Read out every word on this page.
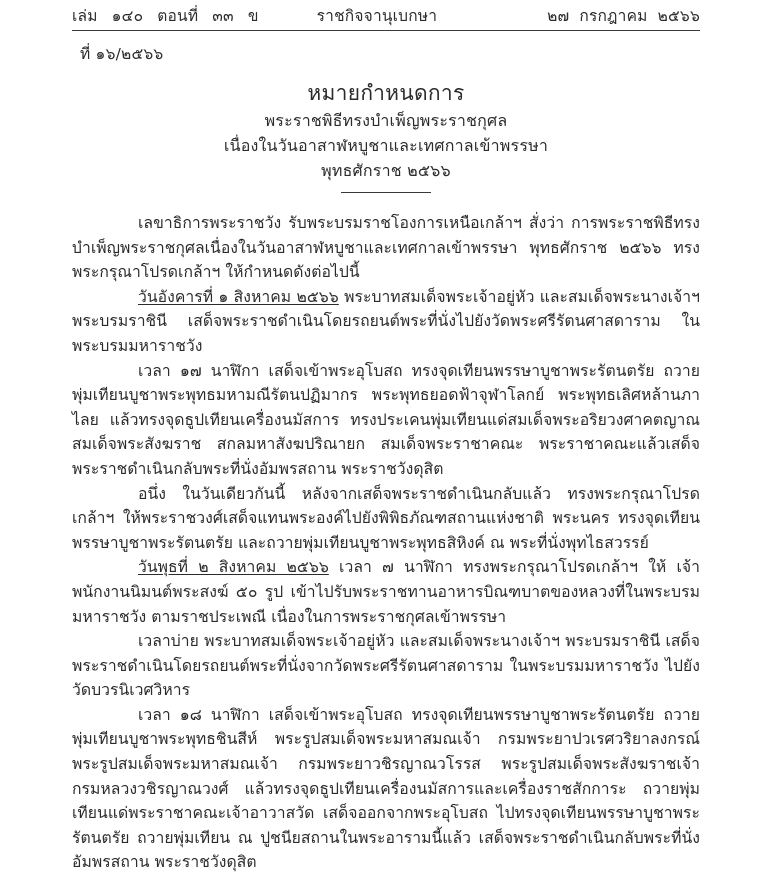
เล่ม ๑๔๐ ตอนที่ ๓๓ ข	ราชกิจจานุเบกษา	๒๗ กรกฎาคม ๒๕๖๖
ที่ ๑๖/๒๕๖๖
หมายกำหนดการ
พระราชพิธีทรงบำเพ็ญพระราชกุศล
เนื่องในวันอาสาฬหบูชาและเทศกาลเข้าพรรษา
พุทธศักราช ๒๕๖๖

เลขาธิการพระราชวัง รับพระบรมราชโองการเหนือเกล้าฯ สั่งว่า การพระราชพิธีทรงบำเพ็ญพระราชกุศลเนื่องในวันอาสาฬหบูชาและเทศกาลเข้าพรรษา พุทธศักราช ๒๕๖๖ ทรงพระกรุณาโปรดเกล้าฯ ให้กำหนดดังต่อไปนี้

วันอังคารที่ ๑ สิงหาคม ๒๕๖๖ พระบาทสมเด็จพระเจ้าอยู่หัว และสมเด็จพระนางเจ้าฯ พระบรมราชินี เสด็จพระราชดำเนินโดยรถยนต์พระที่นั่งไปยังวัดพระศรีรัตนศาสดาราม ในพระบรมมหาราชวัง

เวลา ๑๗ นาฬิกา เสด็จเข้าพระอุโบสถ ทรงจุดเทียนพรรษาบูชาพระรัตนตรัย ถวายพุ่มเทียนบูชาพระพุทธมหามณีรัตนปฏิมากร พระพุทธยอดฟ้าจุฬาโลกย์ พระพุทธเลิศหล้านภาไลย แล้วทรงจุดธูปเทียนเครื่องนมัสการ ทรงประเคนพุ่มเทียนแด่สมเด็จพระอริยวงศาคตญาณ สมเด็จพระสังฆราช สกลมหาสังฆปริณายก สมเด็จพระราชาคณะ พระราชาคณะแล้วเสด็จพระราชดำเนินกลับพระที่นั่งอัมพรสถาน พระราชวังดุสิต

อนึ่ง ในวันเดียวกันนี้ หลังจากเสด็จพระราชดำเนินกลับแล้ว ทรงพระกรุณาโปรดเกล้าฯ ให้พระราชวงศ์เสด็จแทนพระองค์ไปยังพิพิธภัณฑสถานแห่งชาติ พระนคร ทรงจุดเทียนพรรษาบูชาพระรัตนตรัย และถวายพุ่มเทียนบูชาพระพุทธสิหิงค์ ณ พระที่นั่งพุทไธสวรรย์

วันพุธที่ ๒ สิงหาคม ๒๕๖๖ เวลา ๗ นาฬิกา ทรงพระกรุณาโปรดเกล้าฯ ให้ เจ้าพนักงานนิมนต์พระสงฆ์ ๕๐ รูป เข้าไปรับพระราชทานอาหารบิณฑบาตของหลวงที่ในพระบรมมหาราชวัง ตามราชประเพณี เนื่องในการพระราชกุศลเข้าพรรษา

เวลาบ่าย พระบาทสมเด็จพระเจ้าอยู่หัว และสมเด็จพระนางเจ้าฯ พระบรมราชินี เสด็จพระราชดำเนินโดยรถยนต์พระที่นั่งจากวัดพระศรีรัตนศาสดาราม ในพระบรมมหาราชวัง ไปยังวัดบวรนิเวศวิหาร

เวลา ๑๘ นาฬิกา เสด็จเข้าพระอุโบสถ ทรงจุดเทียนพรรษาบูชาพระรัตนตรัย ถวายพุ่มเทียนบูชาพระพุทธชินสีห์ พระรูปสมเด็จพระมหาสมณเจ้า กรมพระยาปวเรศวริยาลงกรณ์ พระรูปสมเด็จพระมหาสมณเจ้า กรมพระยาวชิรญาณวโรรส พระรูปสมเด็จพระสังฆราชเจ้า กรมหลวงวชิรญาณวงศ์ แล้วทรงจุดธูปเทียนเครื่องนมัสการและเครื่องราชสักการะ ถวายพุ่มเทียนแด่พระราชาคณะเจ้าอาวาสวัด เสด็จออกจากพระอุโบสถ ไปทรงจุดเทียนพรรษาบูชาพระรัตนตรัย ถวายพุ่มเทียน ณ ปูชนียสถานในพระอารามนี้แล้ว เสด็จพระราชดำเนินกลับพระที่นั่งอัมพรสถาน พระราชวังดุสิต
